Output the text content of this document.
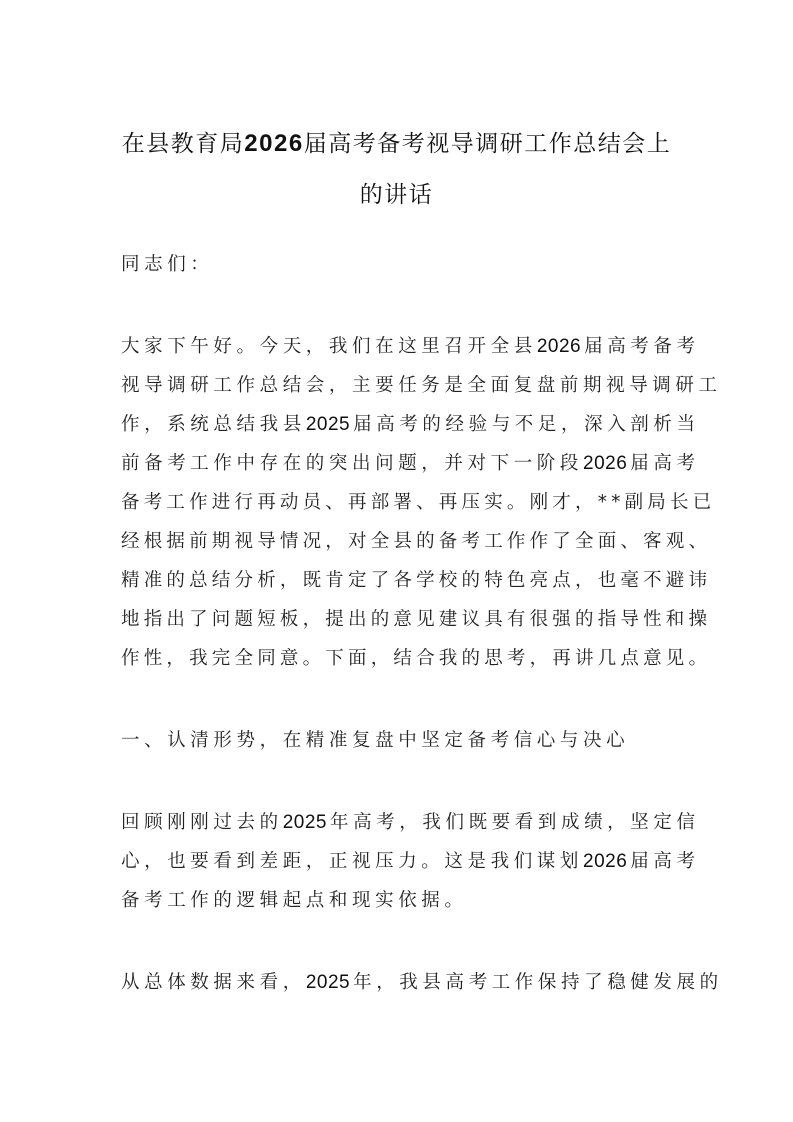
在县教育局2026届高考备考视导调研工作总结会上
的讲话
同志们：
大家下午好。今天，我们在这里召开全县2026 届高考备考
视导调研工作总结会，主要任务是全面复盘前期视导调研工
作，系统总结我县2025 届高考的经验与不足，深入剖析当
前备考工作中存在的突出问题，并对下一阶段2026 届高考
备考工作进行再动员、再部署、再压实。刚才，**副局长已
经根据前期视导情况，对全县的备考工作作了全面、客观、
精准的总结分析，既肯定了各学校的特色亮点，也毫不避讳
地指出了问题短板，提出的意见建议具有很强的指导性和操
作性，我完全同意。下面，结合我的思考，再讲几点意见。
一、认清形势，在精准复盘中坚定备考信心与决心
回顾刚刚过去的2025 年高考，我们既要看到成绩，坚定信
心，也要看到差距，正视压力。这是我们谋划2026 届高考
备考工作的逻辑起点和现实依据。
从总体数据来看，2025 年，我县高考工作保持了稳健发展的
